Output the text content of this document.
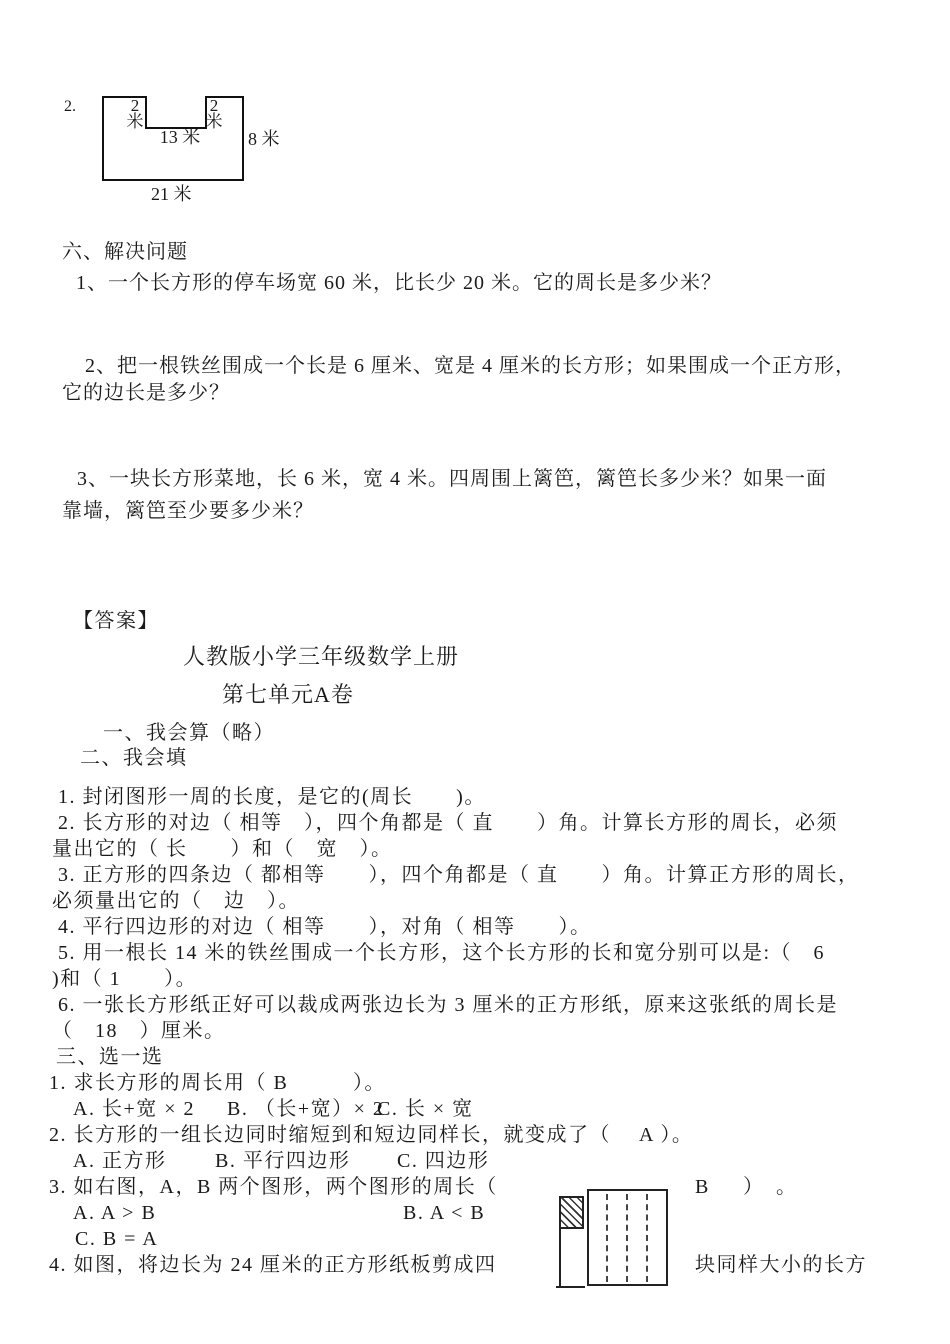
2.	2
米
2
米
13 米	8 米
21 米
六、解决问题
1、一个长方形的停车场宽 60 米，比长少 20 米。它的周长是多少米？
2、把一根铁丝围成一个长是 6 厘米、宽是 4 厘米的长方形；如果围成一个正方形，
它的边长是多少？
3、一块长方形菜地，长 6 米，宽 4 米。四周围上篱笆，篱笆长多少米？如果一面
靠墙，篱笆至少要多少米？
【答案】
人教版小学三年级数学上册
第七单元A卷
一、我会算（略）
二、我会填
1. 封闭图形一周的长度，是它的(周长　　)。
2. 长方形的对边（ 相等　），四个角都是（ 直　　）角。计算长方形的周长，必须
量出它的（ 长　　）和（　宽　）。
3. 正方形的四条边（ 都相等　　），四个角都是（ 直　　）角。计算正方形的周长，
必须量出它的（　边　）。
4. 平行四边形的对边（ 相等　　），对角（ 相等　　）。
5. 用一根长 14 米的铁丝围成一个长方形，这个长方形的长和宽分别可以是:（　6
)和（ 1　　）。
6. 一张长方形纸正好可以裁成两张边长为 3 厘米的正方形纸，原来这张纸的周长是
（　18　）厘米。
三、选一选
1. 求长方形的周长用（ B　　　）。
A. 长+宽 × 2 B. （长+宽）× 2
C. 长 × 宽
2. 长方形的一组长边同时缩短到和短边同样长，就变成了（　 A ）。
A. 正方形 B. 平行四边形 C. 四边形
3. 如右图，A，B 两个图形，两个图形的周长（	B ）　。
A. A > B	B. A < B
C. B = A
4. 如图，将边长为 24 厘米的正方形纸板剪成四	块同样大小的长方
